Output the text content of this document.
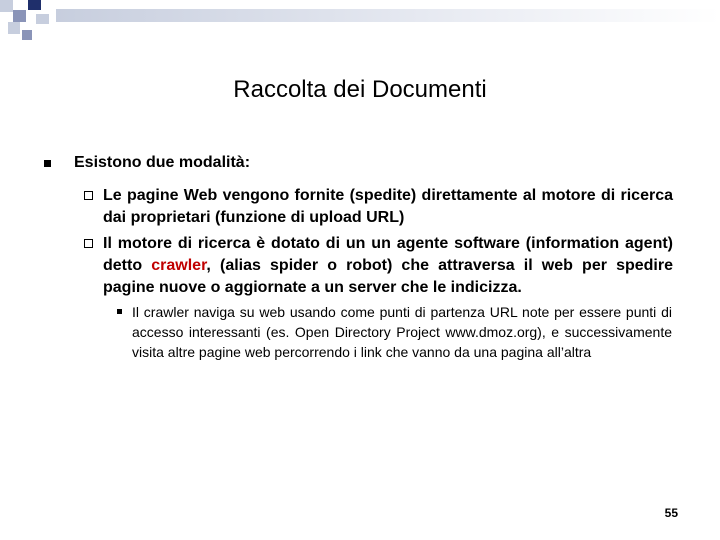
Raccolta dei Documenti
Esistono due modalità:
Le pagine Web vengono fornite (spedite) direttamente al motore di ricerca dai proprietari (funzione di upload URL)
Il motore di ricerca è dotato di un un agente software (information agent) detto crawler, (alias spider o robot) che attraversa il web per spedire pagine nuove o aggiornate a un server che le indicizza.
Il crawler naviga su web usando come punti di partenza URL note per essere punti di accesso interessanti (es. Open Directory Project www.dmoz.org), e successivamente visita altre pagine web percorrendo i link che vanno da una pagina all’altra
55
